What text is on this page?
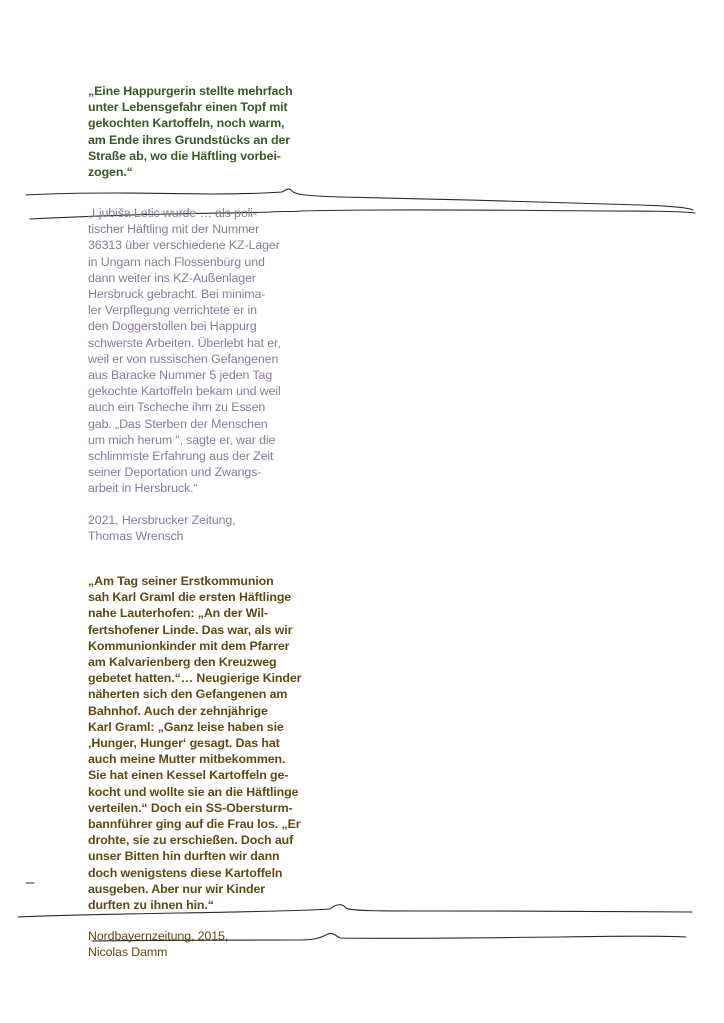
„Eine Happurgerin stellte mehrfach
unter Lebensgefahr einen Topf mit
gekochten Kartoffeln, noch warm,
am Ende ihres Grundstücks an der
Straße ab, wo die Häftling vorbei-
zogen.“
„Ljubiša Letic wurde … als poli-
tischer Häftling mit der Nummer
36313 über verschiedene KZ-Lager
in Ungarn nach Flossenbürg und
dann weiter ins KZ-Außenlager
Hersbruck gebracht. Bei minima-
ler Verpflegung verrichtete er in
den Doggerstollen bei Happurg
schwerste Arbeiten. Überlebt hat er,
weil er von russischen Gefangenen
aus Baracke Nummer 5 jeden Tag
gekochte Kartoffeln bekam und weil
auch ein Tscheche ihm zu Essen
gab. „Das Sterben der Menschen
um mich herum “, sagte er, war die
schlimmste Erfahrung aus der Zeit
seiner Deportation und Zwangs-
arbeit in Hersbruck.“
2021, Hersbrucker Zeitung,
Thomas Wrensch
„Am Tag seiner Erstkommunion
sah Karl Graml die ersten Häftlinge
nahe Lauterhofen: „An der Wil-
fertshofener Linde. Das war, als wir
Kommunionkinder mit dem Pfarrer
am Kalvarienberg den Kreuzweg
gebetet hatten.“… Neugierige Kinder
näherten sich den Gefangenen am
Bahnhof. Auch der zehnjährige
Karl Graml: „Ganz leise haben sie
‚Hunger, Hunger‘ gesagt. Das hat
auch meine Mutter mitbekommen.
Sie hat einen Kessel Kartoffeln ge-
kocht und wollte sie an die Häftlinge
verteilen.“ Doch ein SS-Obersturm-
bannführer ging auf die Frau los. „Er
drohte, sie zu erschießen. Doch auf
unser Bitten hin durften wir dann
doch wenigstens diese Kartoffeln
ausgeben. Aber nur wir Kinder
durften zu ihnen hin.“
Nordbayernzeitung, 2015,
Nicolas Damm
